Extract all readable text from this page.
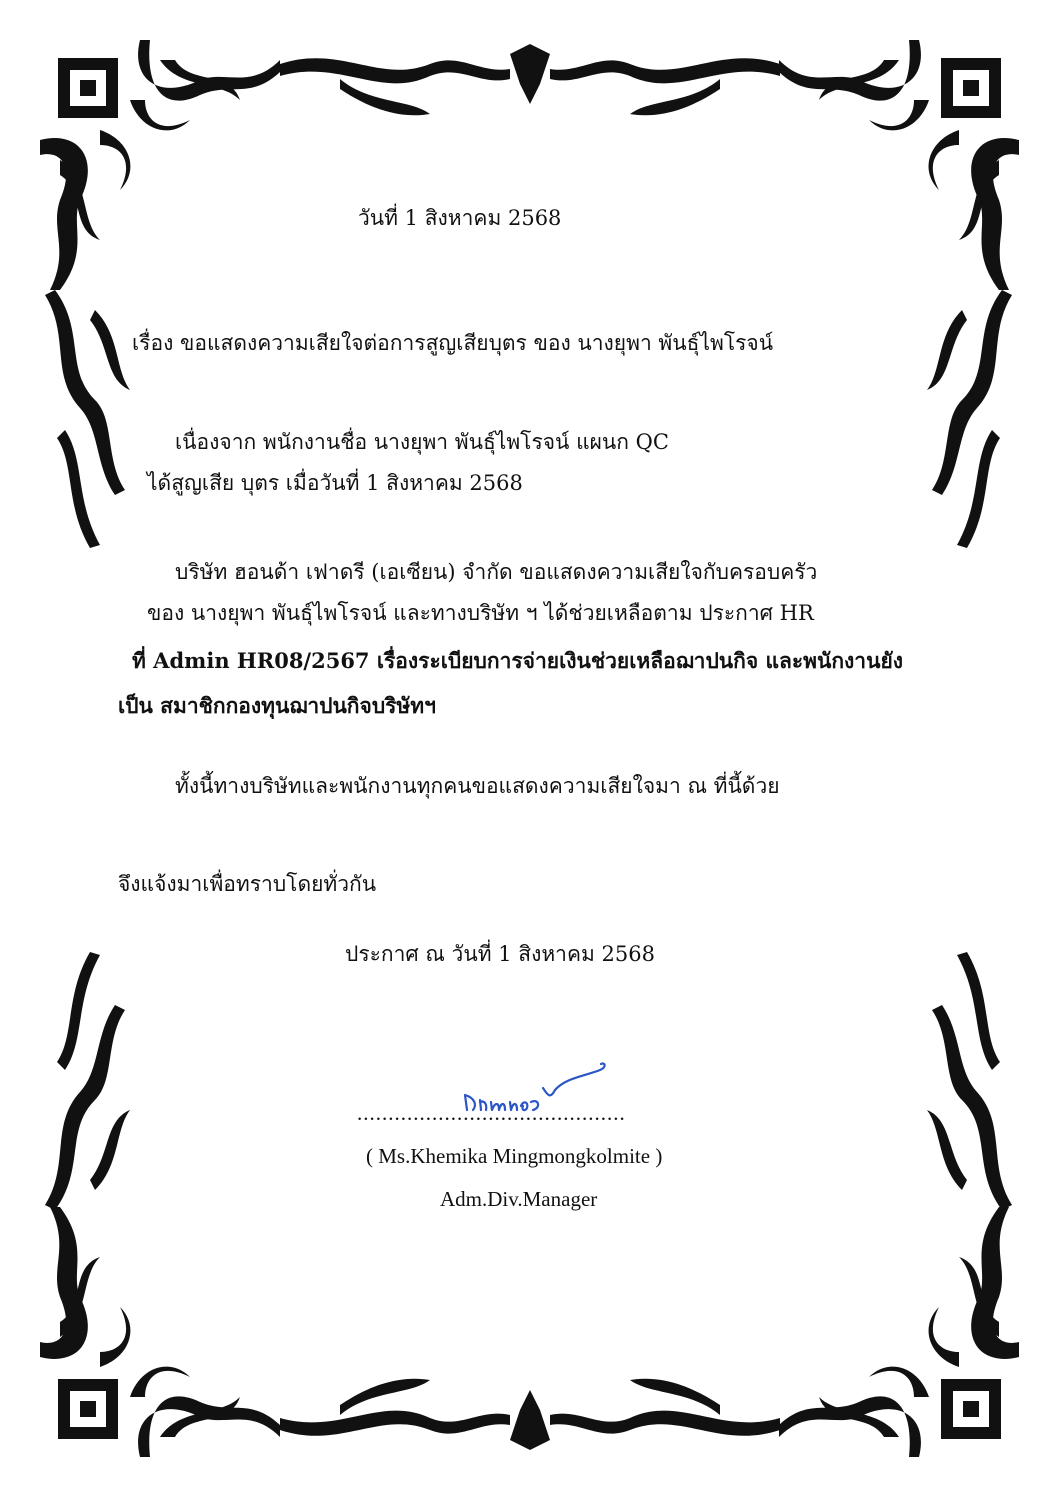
วันที่ 1 สิงหาคม 2568
เรื่อง ขอแสดงความเสียใจต่อการสูญเสียบุตร ของ นางยุพา พันธุ์ไพโรจน์
เนื่องจาก พนักงานชื่อ นางยุพา พันธุ์ไพโรจน์ แผนก QC
ได้สูญเสีย บุตร เมื่อวันที่ 1 สิงหาคม 2568
บริษัท ฮอนด้า เฟาดรี (เอเซียน) จำกัด ขอแสดงความเสียใจกับครอบครัว
ของ นางยุพา พันธุ์ไพโรจน์ และทางบริษัท ฯ ได้ช่วยเหลือตาม ประกาศ HR
ที่ Admin HR08/2567 เรื่องระเบียบการจ่ายเงินช่วยเหลือฌาปนกิจ และพนักงานยัง
เป็น สมาชิกกองทุนฌาปนกิจบริษัทฯ
ทั้งนี้ทางบริษัทและพนักงานทุกคนขอแสดงความเสียใจมา ณ ที่นี้ด้วย
จึงแจ้งมาเพื่อทราบโดยทั่วกัน
ประกาศ ณ วันที่ 1 สิงหาคม 2568
...........................................
( Ms.Khemika Mingmongkolmite )
Adm.Div.Manager
